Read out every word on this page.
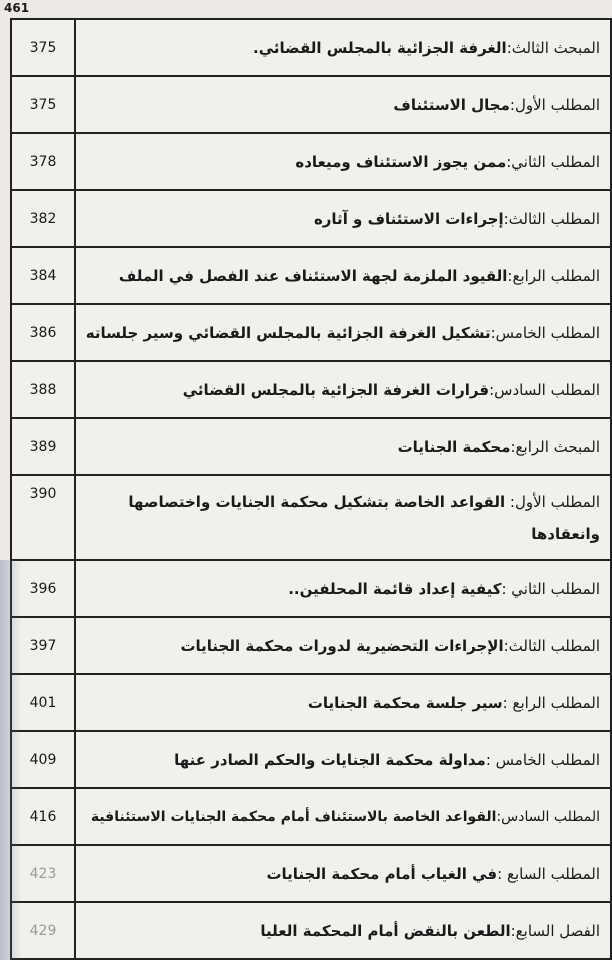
461
375	المبحث الثالث:
الغرفة الجزائية بالمجلس القضائي.
375	المطلب الأول:
مجال الاستئناف
378	المطلب الثاني:
ممن يجوز الاستئناف وميعاده
382	المطلب الثالث:
إجراءات الاستئناف و آثاره
384	المطلب الرابع:
القيود الملزمة لجهة الاستئناف عند الفصل في الملف
386	المطلب الخامس:
تشكيل الغرفة الجزائية بالمجلس القضائي وسير جلساته
388	المطلب السادس:
قرارات الغرفة الجزائية بالمجلس القضائي
389	المبحث الرابع:
محكمة الجنايات
390	المطلب الأول: القواعد الخاصة بتشكيل محكمة الجنايات واختصاصها وانعقادها
396	المطلب الثاني :
كيفية إعداد قائمة المحلفين..
397	المطلب الثالث:
الإجراءات التحضيرية لدورات محكمة الجنايات
401	المطلب الرابع :
سير جلسة محكمة الجنايات
409	المطلب الخامس :
مداولة محكمة الجنايات والحكم الصادر عنها
416	المطلب السادس:
القواعد الخاصة بالاستئناف أمام محكمة الجنايات الاستئنافية
423	المطلب السابع :
في الغياب أمام محكمة الجنايات
429	الفصل السابع:
الطعن بالنقض أمام المحكمة العليا
